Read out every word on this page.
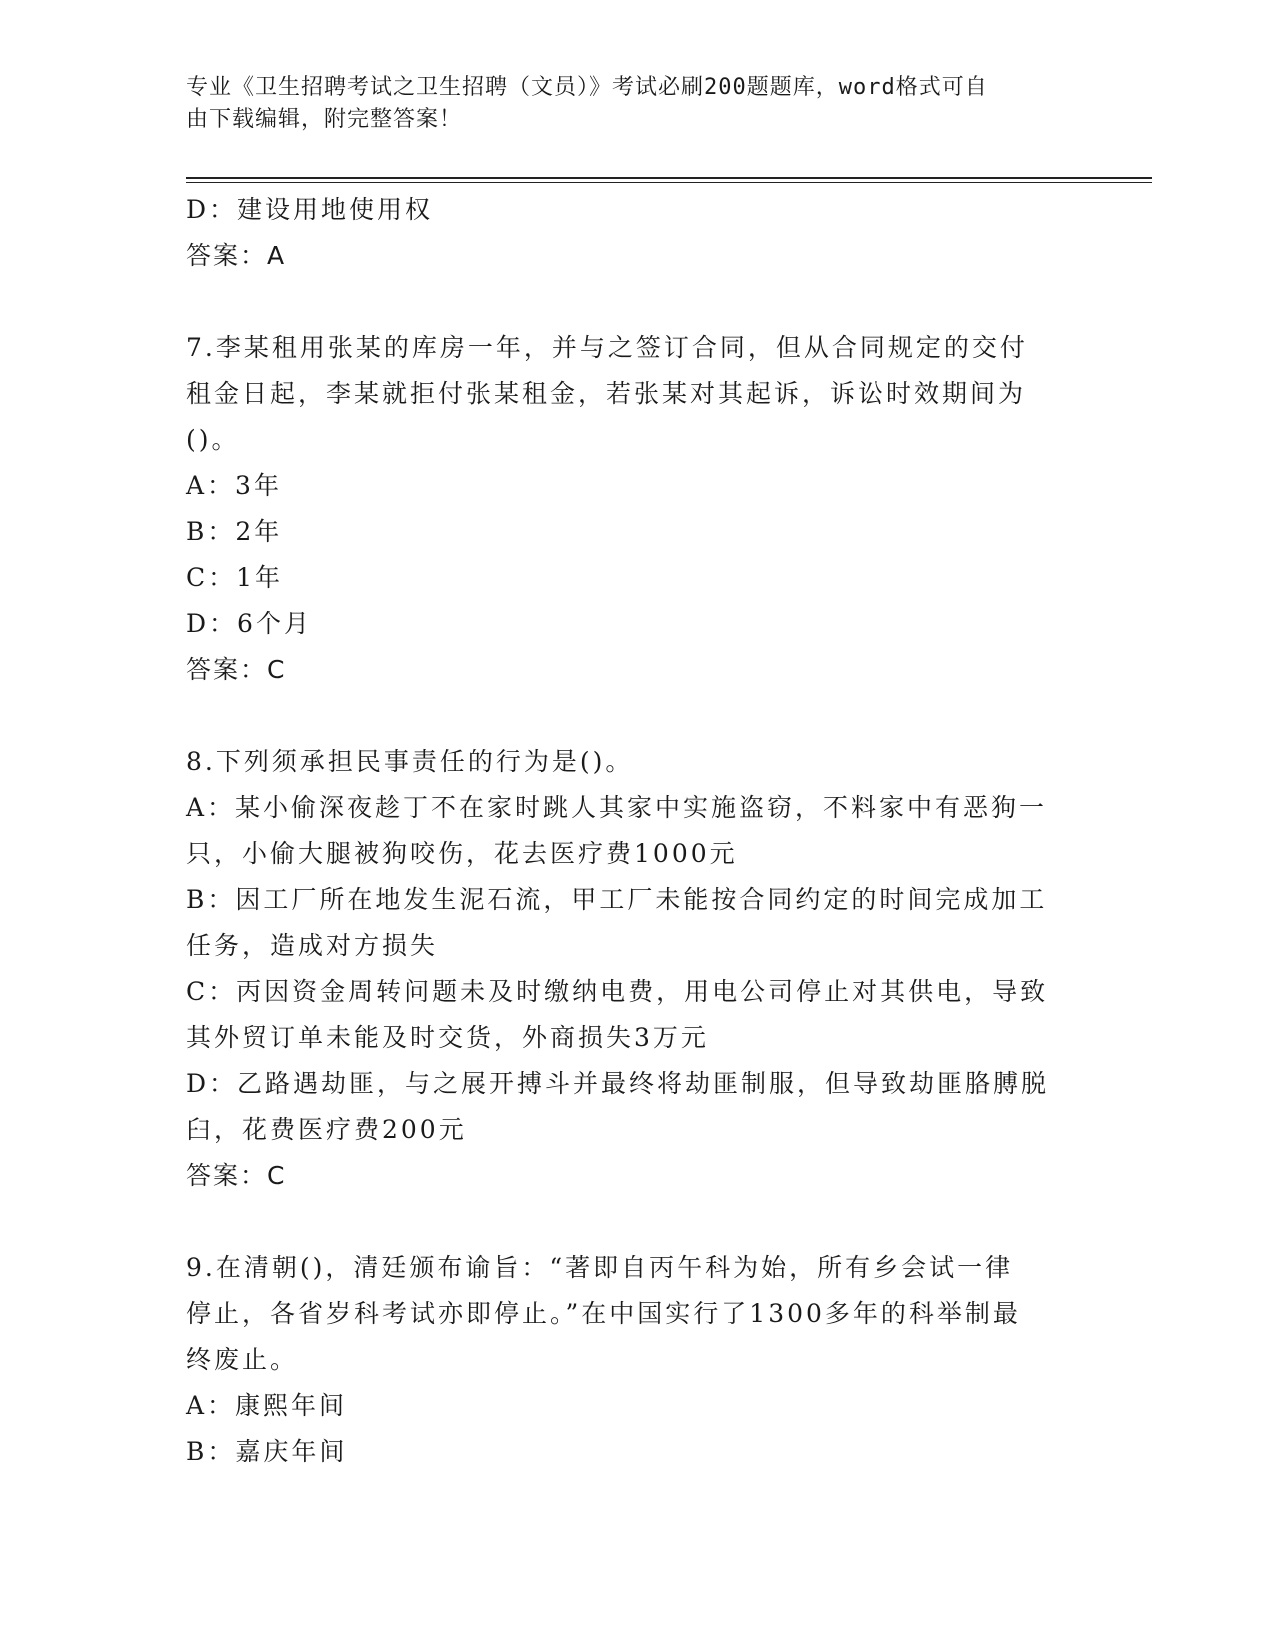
专业《卫生招聘考试之卫生招聘（文员）》考试必刷200题题库，word格式可自
由下载编辑，附完整答案！

D：建设用地使用权

答案：A

7.李某租用张某的库房一年，并与之签订合同，但从合同规定的交付

租金日起，李某就拒付张某租金，若张某对其起诉，诉讼时效期间为

()。

A：3年

B：2年

C：1年

D：6个月

答案：C

8.下列须承担民事责任的行为是()。

A：某小偷深夜趁丁不在家时跳人其家中实施盗窃，不料家中有恶狗一

只，小偷大腿被狗咬伤，花去医疗费1000元

B：因工厂所在地发生泥石流，甲工厂未能按合同约定的时间完成加工

任务，造成对方损失

C：丙因资金周转问题未及时缴纳电费，用电公司停止对其供电，导致

其外贸订单未能及时交货，外商损失3万元

D：乙路遇劫匪，与之展开搏斗并最终将劫匪制服，但导致劫匪胳膊脱

臼，花费医疗费200元

答案：C

9.在清朝()，清廷颁布谕旨：“著即自丙午科为始，所有乡会试一律

停止，各省岁科考试亦即停止。”在中国实行了1300多年的科举制最

终废止。

A：康熙年间

B：嘉庆年间
